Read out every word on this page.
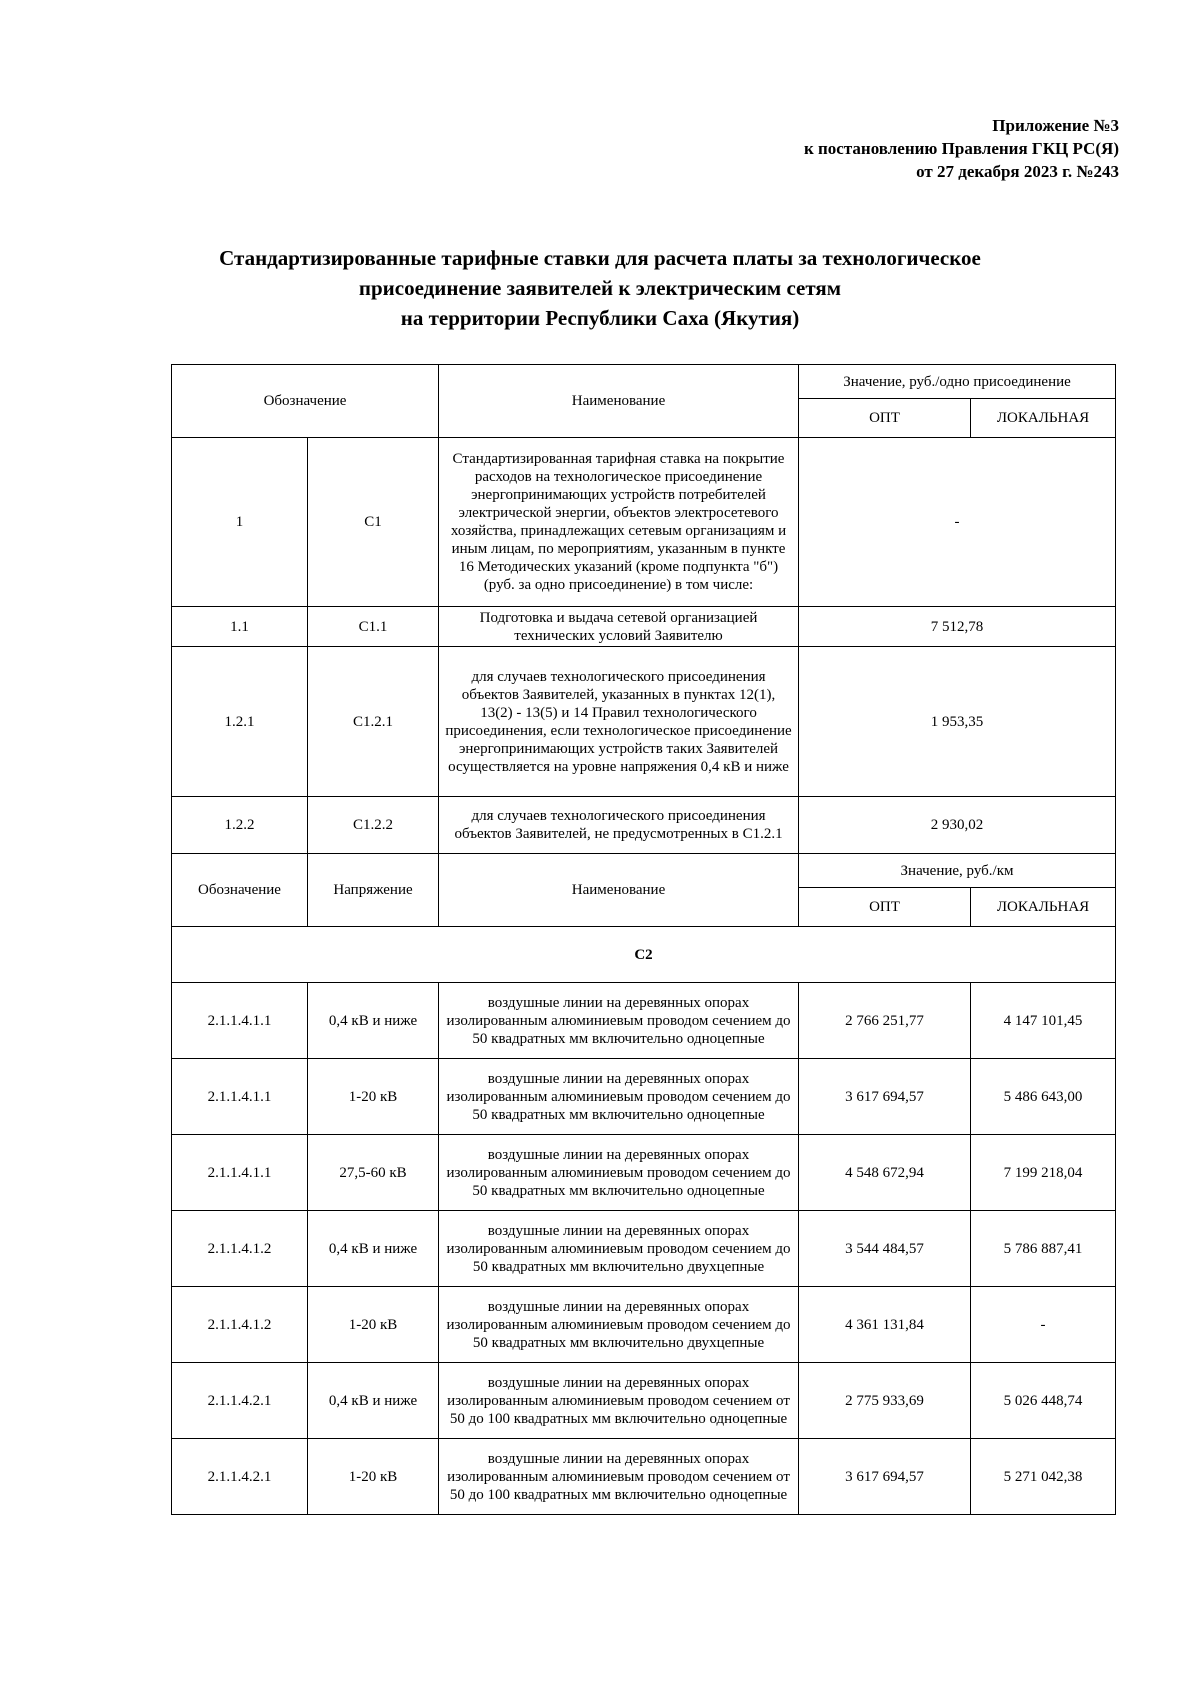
Приложение №3
к постановлению Правления ГКЦ РС(Я)
от 27 декабря 2023 г. №243
Стандартизированные тарифные ставки для расчета платы за технологическое
присоединение заявителей к электрическим сетям
на территории Республики Саха (Якутия)
Обозначение		Наименование	Значение, руб./одно присоединение	
			ОПТ	ЛОКАЛЬНАЯ
1	С1	Стандартизированная тарифная ставка на покрытие расходов на технологическое присоединение энергопринимающих устройств потребителей электрической энергии, объектов электросетевого хозяйства, принадлежащих сетевым организациям и иным лицам, по мероприятиям, указанным в пункте 16 Методических указаний (кроме подпункта "б") (руб. за одно присоединение) в том числе:	-	
1.1	С1.1	Подготовка и выдача сетевой организацией технических условий Заявителю	7 512,78	
1.2.1	С1.2.1	для случаев технологического присоединения объектов Заявителей, указанных в пунктах 12(1), 13(2) - 13(5) и 14 Правил технологического присоединения, если технологическое присоединение энергопринимающих устройств таких Заявителей осуществляется на уровне напряжения 0,4 кВ и ниже	1 953,35	
1.2.2	С1.2.2	для случаев технологического присоединения объектов Заявителей, не предусмотренных в С1.2.1	2 930,02	
Обозначение	Напряжение	Наименование	Значение, руб./км	
			ОПТ	ЛОКАЛЬНАЯ
С2				
2.1.1.4.1.1	0,4 кВ и ниже	воздушные линии на деревянных опорах изолированным алюминиевым проводом сечением до 50 квадратных мм включительно одноцепные	2 766 251,77	4 147 101,45
2.1.1.4.1.1	1-20 кВ	воздушные линии на деревянных опорах изолированным алюминиевым проводом сечением до 50 квадратных мм включительно одноцепные	3 617 694,57	5 486 643,00
2.1.1.4.1.1	27,5-60 кВ	воздушные линии на деревянных опорах изолированным алюминиевым проводом сечением до 50 квадратных мм включительно одноцепные	4 548 672,94	7 199 218,04
2.1.1.4.1.2	0,4 кВ и ниже	воздушные линии на деревянных опорах изолированным алюминиевым проводом сечением до 50 квадратных мм включительно двухцепные	3 544 484,57	5 786 887,41
2.1.1.4.1.2	1-20 кВ	воздушные линии на деревянных опорах изолированным алюминиевым проводом сечением до 50 квадратных мм включительно двухцепные	4 361 131,84	-
2.1.1.4.2.1	0,4 кВ и ниже	воздушные линии на деревянных опорах изолированным алюминиевым проводом сечением от 50 до 100 квадратных мм включительно одноцепные	2 775 933,69	5 026 448,74
2.1.1.4.2.1	1-20 кВ	воздушные линии на деревянных опорах изолированным алюминиевым проводом сечением от 50 до 100 квадратных мм включительно одноцепные	3 617 694,57	5 271 042,38
